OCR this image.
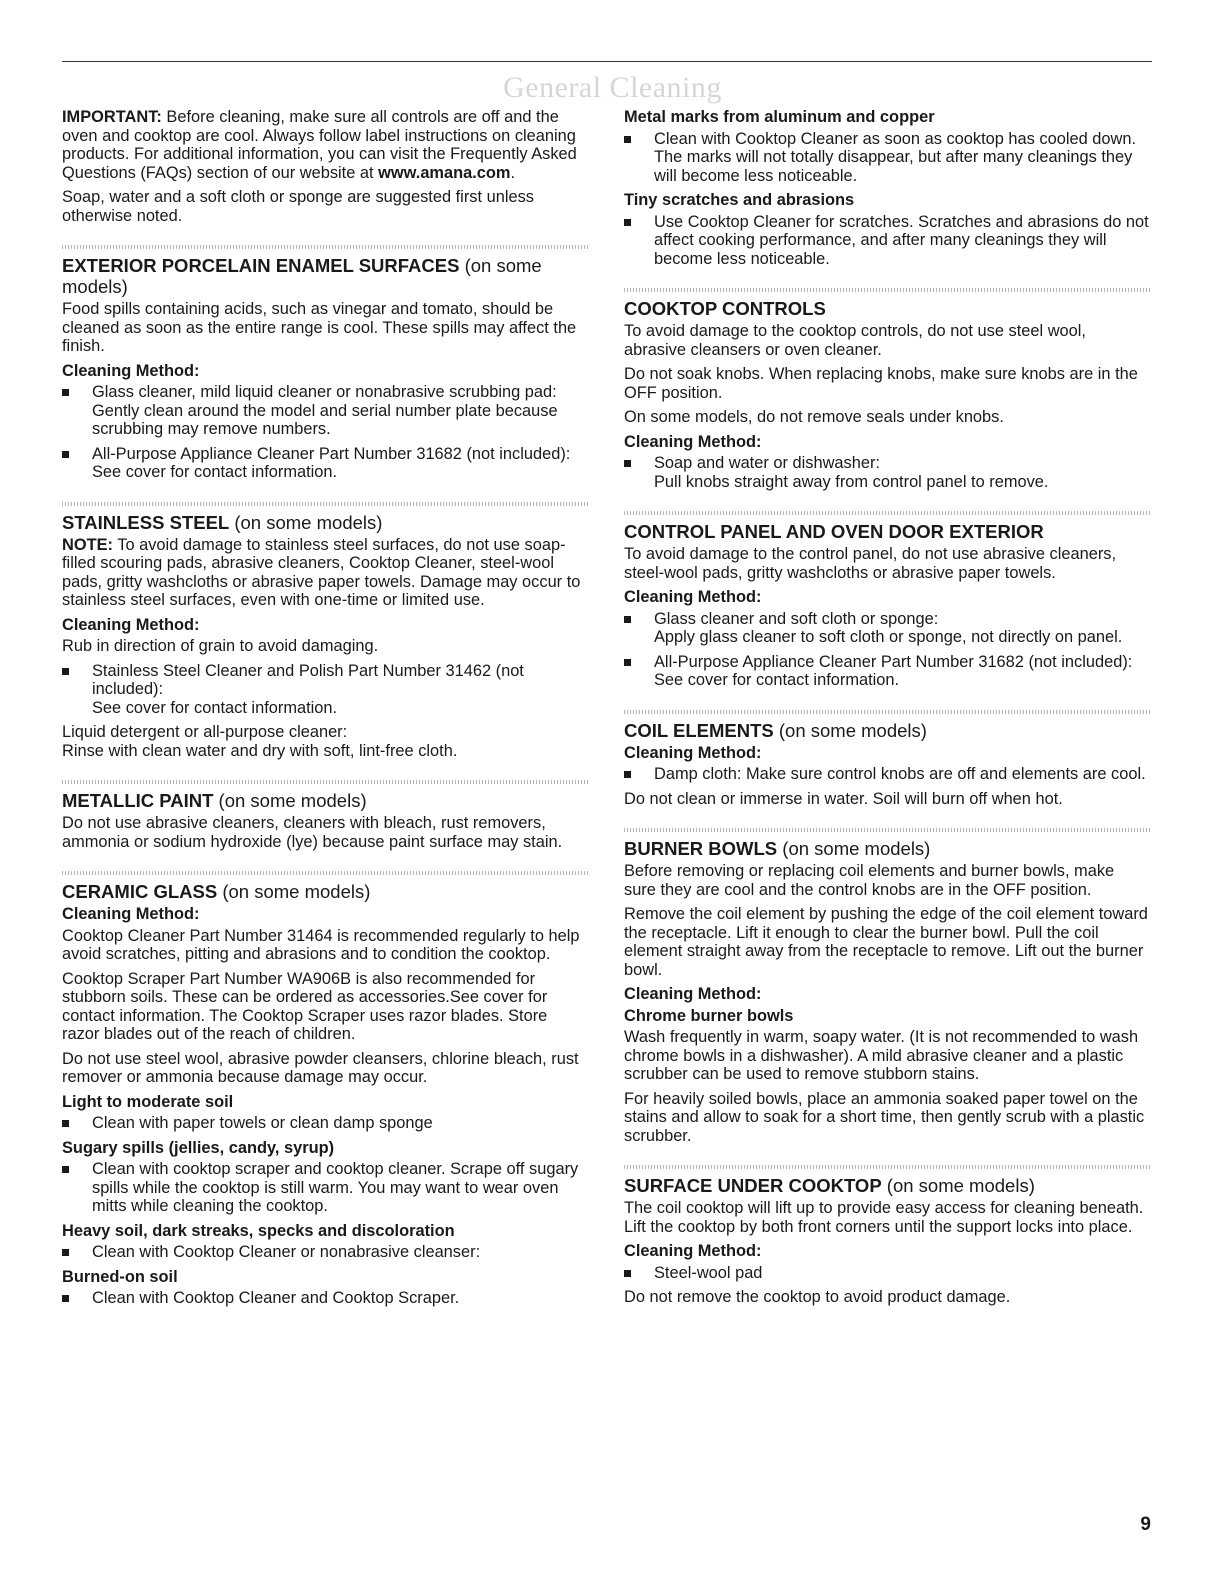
General Cleaning

IMPORTANT: Before cleaning, make sure all controls are off and the oven and cooktop are cool. Always follow label instructions on cleaning products. For additional information, you can visit the Frequently Asked Questions (FAQs) section of our website at www.amana.com.

Soap, water and a soft cloth or sponge are suggested first unless otherwise noted.

EXTERIOR PORCELAIN ENAMEL SURFACES (on some models)

Food spills containing acids, such as vinegar and tomato, should be cleaned as soon as the entire range is cool. These spills may affect the finish.

Cleaning Method:
Glass cleaner, mild liquid cleaner or nonabrasive scrubbing pad:
Gently clean around the model and serial number plate because scrubbing may remove numbers.
All-Purpose Appliance Cleaner Part Number 31682 (not included):
See cover for contact information.
STAINLESS STEEL (on some models)

NOTE: To avoid damage to stainless steel surfaces, do not use soap-filled scouring pads, abrasive cleaners, Cooktop Cleaner, steel-wool pads, gritty washcloths or abrasive paper towels. Damage may occur to stainless steel surfaces, even with one-time or limited use.

Cleaning Method:

Rub in direction of grain to avoid damaging.

Stainless Steel Cleaner and Polish Part Number 31462 (not included):
See cover for contact information.

Liquid detergent or all-purpose cleaner:
Rinse with clean water and dry with soft, lint-free cloth.

METALLIC PAINT (on some models)

Do not use abrasive cleaners, cleaners with bleach, rust removers, ammonia or sodium hydroxide (lye) because paint surface may stain.

CERAMIC GLASS (on some models)
Cleaning Method:

Cooktop Cleaner Part Number 31464 is recommended regularly to help avoid scratches, pitting and abrasions and to condition the cooktop.

Cooktop Scraper Part Number WA906B is also recommended for stubborn soils. These can be ordered as accessories.See cover for contact information. The Cooktop Scraper uses razor blades. Store razor blades out of the reach of children.

Do not use steel wool, abrasive powder cleansers, chlorine bleach, rust remover or ammonia because damage may occur.

Light to moderate soil
Clean with paper towels or clean damp sponge
Sugary spills (jellies, candy, syrup)
Clean with cooktop scraper and cooktop cleaner. Scrape off sugary spills while the cooktop is still warm. You may want to wear oven mitts while cleaning the cooktop.
Heavy soil, dark streaks, specks and discoloration
Clean with Cooktop Cleaner or nonabrasive cleanser:
Burned-on soil
Clean with Cooktop Cleaner and Cooktop Scraper.
Metal marks from aluminum and copper
Clean with Cooktop Cleaner as soon as cooktop has cooled down. The marks will not totally disappear, but after many cleanings they will become less noticeable.
Tiny scratches and abrasions
Use Cooktop Cleaner for scratches. Scratches and abrasions do not affect cooking performance, and after many cleanings they will become less noticeable.
COOKTOP CONTROLS

To avoid damage to the cooktop controls, do not use steel wool, abrasive cleansers or oven cleaner.

Do not soak knobs. When replacing knobs, make sure knobs are in the OFF position.

On some models, do not remove seals under knobs.

Cleaning Method:
Soap and water or dishwasher:
Pull knobs straight away from control panel to remove.
CONTROL PANEL AND OVEN DOOR EXTERIOR

To avoid damage to the control panel, do not use abrasive cleaners, steel-wool pads, gritty washcloths or abrasive paper towels.

Cleaning Method:
Glass cleaner and soft cloth or sponge:
Apply glass cleaner to soft cloth or sponge, not directly on panel.
All-Purpose Appliance Cleaner Part Number 31682 (not included):
See cover for contact information.
COIL ELEMENTS (on some models)
Cleaning Method:
Damp cloth: Make sure control knobs are off and elements are cool.

Do not clean or immerse in water. Soil will burn off when hot.

BURNER BOWLS (on some models)

Before removing or replacing coil elements and burner bowls, make sure they are cool and the control knobs are in the OFF position.

Remove the coil element by pushing the edge of the coil element toward the receptacle. Lift it enough to clear the burner bowl. Pull the coil element straight away from the receptacle to remove. Lift out the burner bowl.

Cleaning Method:
Chrome burner bowls

Wash frequently in warm, soapy water. (It is not recommended to wash chrome bowls in a dishwasher). A mild abrasive cleaner and a plastic scrubber can be used to remove stubborn stains.

For heavily soiled bowls, place an ammonia soaked paper towel on the stains and allow to soak for a short time, then gently scrub with a plastic scrubber.

SURFACE UNDER COOKTOP (on some models)

The coil cooktop will lift up to provide easy access for cleaning beneath. Lift the cooktop by both front corners until the support locks into place.

Cleaning Method:
Steel-wool pad

Do not remove the cooktop to avoid product damage.

9
